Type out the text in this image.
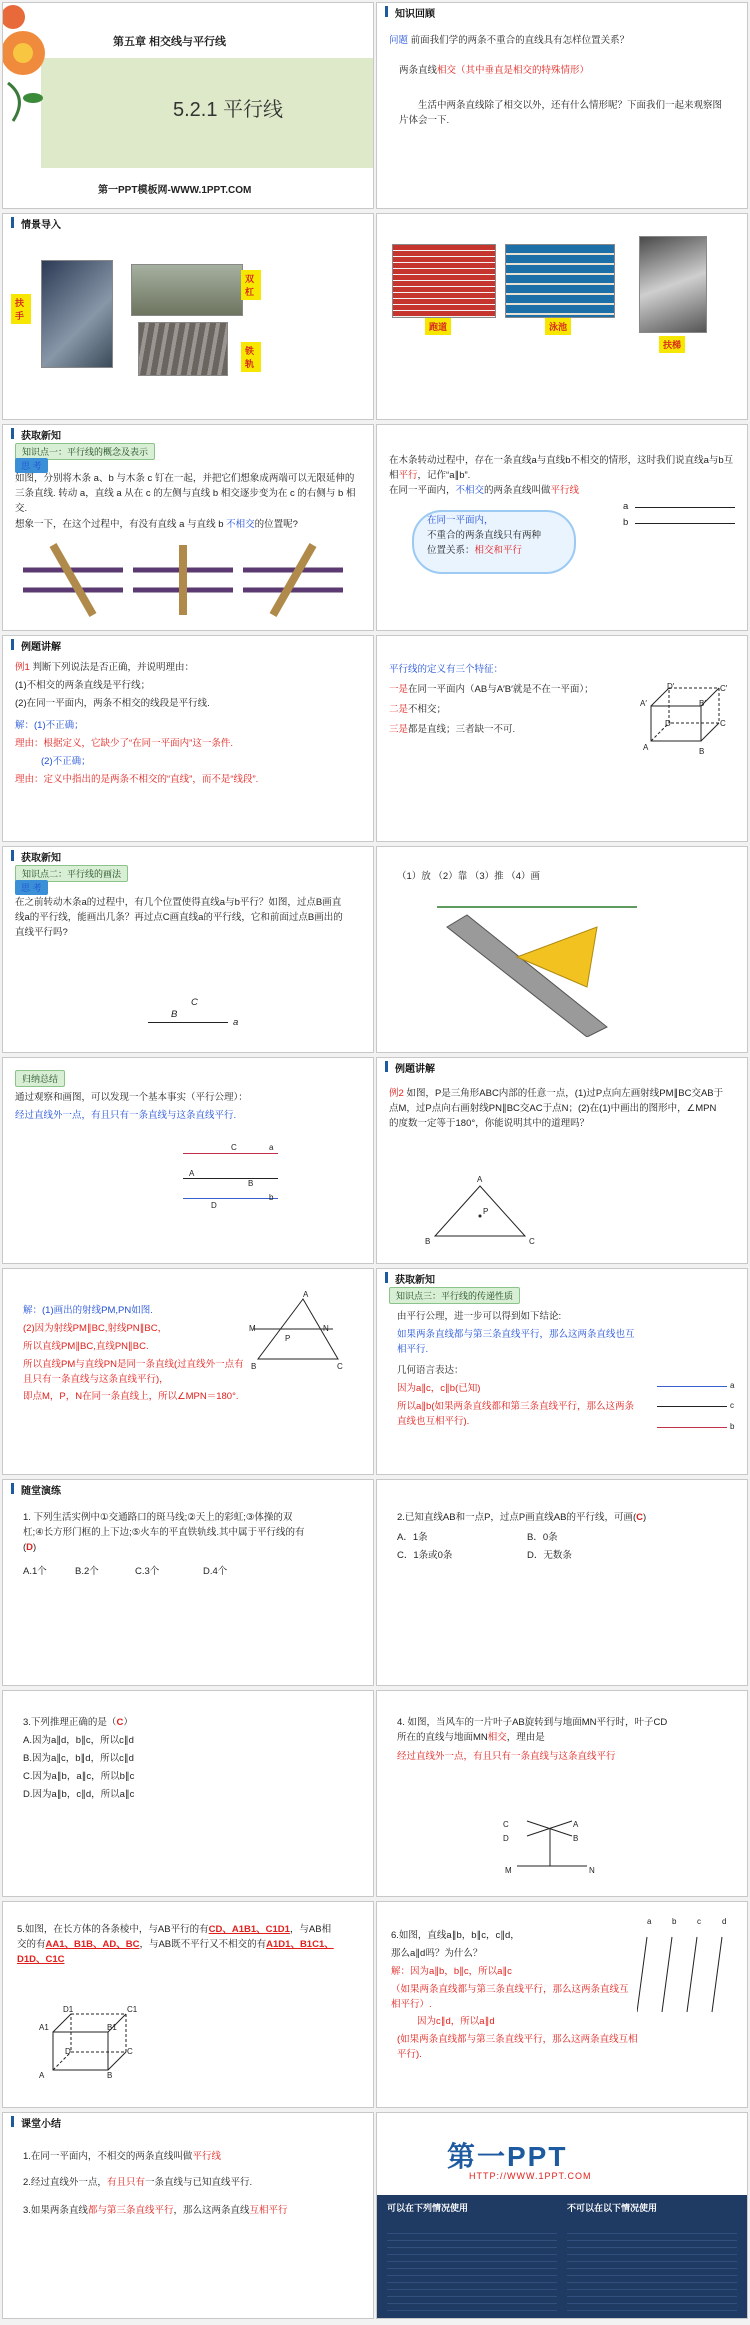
第五章 相交线与平行线
5.2.1 平行线
第一PPT模板网-WWW.1PPT.COM
知识回顾
问题 前面我们学的两条不重合的直线具有怎样位置关系？
两条直线相交（其中垂直是相交的特殊情形）
生活中两条直线除了相交以外，还有什么情形呢？下面我们一起来观察图片体会一下.
情景导入
扶手
双杠
铁轨
跑道	泳池
扶梯
获取新知
知识点一：平行线的概念及表示
思 考
如图，分别将木条 a、b 与木条 c 钉在一起，并把它们想象成两端可以无限延伸的三条直线. 转动 a，直线 a 从在 c 的左侧与直线 b 相交逐步变为在 c 的右侧与 b 相交.
想象一下，在这个过程中，有没有直线 a 与直线 b 不相交的位置呢?
在木条转动过程中，存在一条直线a与直线b不相交的情形，这时我们说直线a与b互相平行，记作“a∥b”.
在同一平面内，不相交的两条直线叫做平行线
在同一平面内，
不重合的两条直线只有两种
位置关系：相交和平行
a
b
例题讲解
例1 判断下列说法是否正确，并说明理由：
(1)不相交的两条直线是平行线；
(2)在同一平面内，两条不相交的线段是平行线.
解：(1)不正确；
理由：根据定义，它缺少了“在同一平面内”这一条件.
(2)不正确；
理由：定义中指出的是两条不相交的“直线”，而不是“线段”.
平行线的定义有三个特征：
一是在同一平面内（AB与A′B′就是不在一平面）；
二是不相交；
三是都是直线；三者缺一不可.
D′	C′
A′	B′
D	C
A	B
获取新知
知识点二：平行线的画法
思 考
在之前转动木条a的过程中，有几个位置使得直线a与b平行？如图，过点B画直线a的平行线，能画出几条？再过点C画直线a的平行线，它和前面过点B画出的直线平行吗?
a
C
B
（1）放 （2）靠 （3）推 （4）画
归纳总结
通过观察和画图，可以发现一个基本事实（平行公理）：
经过直线外一点，有且只有一条直线与这条直线平行.
C	a
A
B
D
b
例题讲解
例2 如图，P是三角形ABC内部的任意一点，(1)过P点向左画射线PM∥BC交AB于点M，过P点向右画射线PN∥BC交AC于点N；(2)在(1)中画出的图形中，∠MPN的度数一定等于180°，你能说明其中的道理吗？
A
P
B	C
解：(1)画出的射线PM,PN如图.
(2)因为射线PM∥BC,射线PN∥BC，
所以直线PM∥BC,直线PN∥BC.
所以直线PM与直线PN是同一条直线(过直线外一点有且只有一条直线与这条直线平行)，
即点M，P，N在同一条直线上，所以∠MPN＝180°.
A
M	N
P
B	C
获取新知
知识点三：平行线的传递性质
由平行公理，进一步可以得到如下结论:
如果两条直线都与第三条直线平行，那么这两条直线也互相平行.
几何语言表达：
因为a∥c，c∥b(已知)
所以a∥b(如果两条直线都和第三条直线平行，那么这两条直线也互相平行).
a
c
b
随堂演练
1. 下列生活实例中①交通路口的斑马线;②天上的彩虹;③体操的双杠;④长方形门框的上下边;⑤火车的平直铁轨线.其中属于平行线的有(D)
A.1个	B.2个	C.3个	D.4个
2.已知直线AB和一点P，过点P画直线AB的平行线，可画(C)
A．1条	B．0条
C．1条或0条	D．无数条
3.下列推理正确的是（C）
A.因为a∥d，b∥c，所以c∥d
B.因为a∥c，b∥d，所以c∥d
C.因为a∥b，a∥c，所以b∥c
D.因为a∥b，c∥d，所以a∥c
4. 如图，当风车的一片叶子AB旋转到与地面MN平行时，叶子CD所在的直线与地面MN相交，理由是
经过直线外一点，有且只有一条直线与这条直线平行
C	A
D	B
M	N
5.如图，在长方体的各条棱中，与AB平行的有CD、A1B1、C1D1，与AB相交的有AA1、B1B、AD、BC，与AB既不平行又不相交的有A1D1、B1C1、D1D、C1C
D1	C1
A1	B1
D	C
A	B
6.如图，直线a∥b，b∥c，c∥d，
那么a∥d吗？为什么？
解：因为a∥b，b∥c，所以a∥c
（如果两条直线都与第三条直线平行，那么这两条直线互相平行）.
因为c∥d，所以a∥d
(如果两条直线都与第三条直线平行，那么这两条直线互相平行).
a	b	c	d
课堂小结
1.在同一平面内，不相交的两条直线叫做平行线
2.经过直线外一点，有且只有一条直线与已知直线平行.
3.如果两条直线都与第三条直线平行，那么这两条直线互相平行
第一PPT
HTTP://WWW.1PPT.COM
可以在下列情况使用	不可以在以下情况使用
